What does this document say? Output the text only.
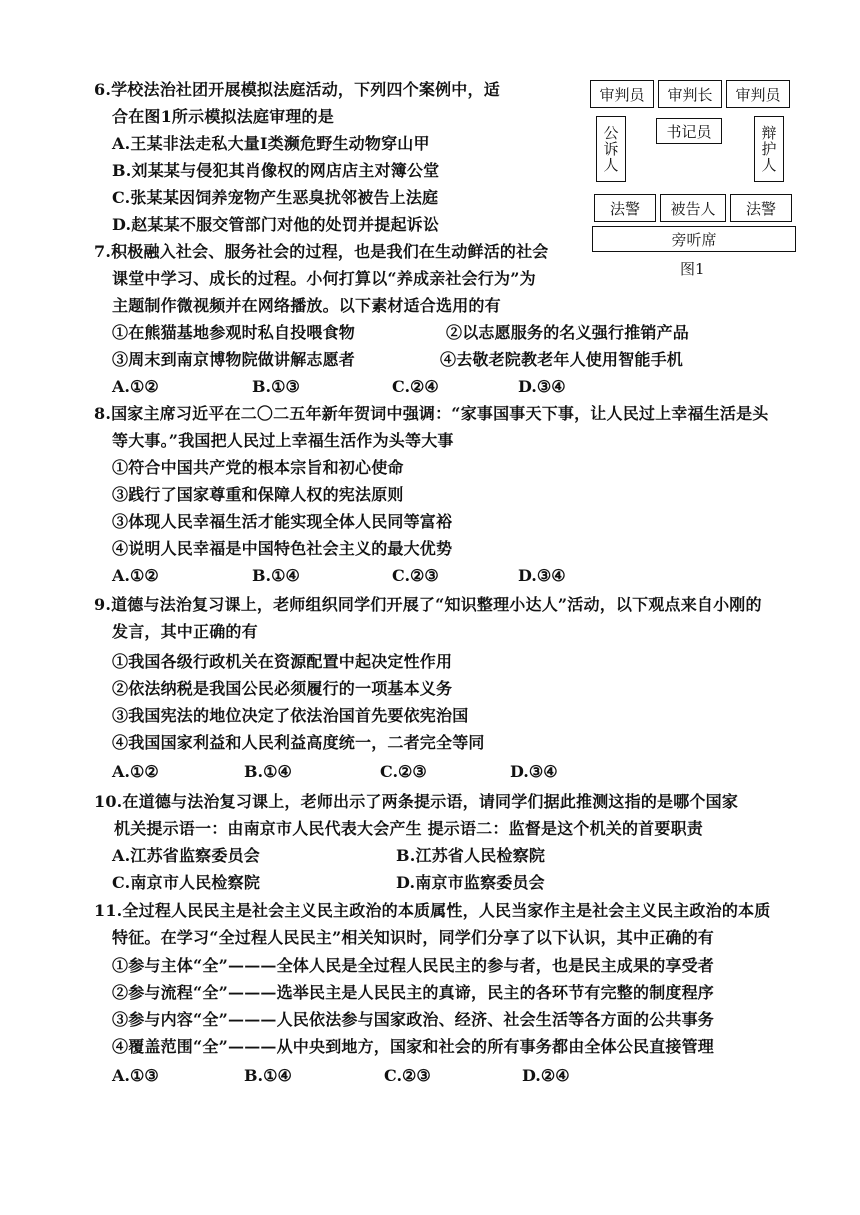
审判员	审判长	审判员
公诉人	书记员	辩护人
法警	被告人	法警
旁听席
图1
6.学校法治社团开展模拟法庭活动，下列四个案例中，适
合在图1所示模拟法庭审理的是
A.王某非法走私大量I类濒危野生动物穿山甲
B.刘某某与侵犯其肖像权的网店店主对簿公堂
C.张某某因饲养宠物产生恶臭扰邻被告上法庭
D.赵某某不服交管部门对他的处罚并提起诉讼
7.积极融入社会、服务社会的过程，也是我们在生动鲜活的社会
课堂中学习、成长的过程。小何打算以“养成亲社会行为”为
主题制作微视频并在网络播放。以下素材适合选用的有
①在熊猫基地参观时私自投喂食物	②以志愿服务的名义强行推销产品
③周末到南京博物院做讲解志愿者	④去敬老院教老年人使用智能手机
A.①②	B.①③	C.②④	D.③④
8.国家主席习近平在二〇二五年新年贺词中强调：“家事国事天下事，让人民过上幸福生活是头
等大事。”我国把人民过上幸福生活作为头等大事
①符合中国共产党的根本宗旨和初心使命
③践行了国家尊重和保障人权的宪法原则
③体现人民幸福生活才能实现全体人民同等富裕
④说明人民幸福是中国特色社会主义的最大优势
A.①②	B.①④	C.②③	D.③④
9.道德与法治复习课上，老师组织同学们开展了“知识整理小达人”活动，以下观点来自小刚的
发言，其中正确的有
①我国各级行政机关在资源配置中起决定性作用
②依法纳税是我国公民必须履行的一项基本义务
③我国宪法的地位决定了依法治国首先要依宪治国
④我国国家利益和人民利益高度统一，二者完全等同
A.①②	B.①④	C.②③	D.③④
10.在道德与法治复习课上，老师出示了两条提示语，请同学们据此推测这指的是哪个国家
机关提示语一：由南京市人民代表大会产生 提示语二：监督是这个机关的首要职责
A.江苏省监察委员会	B.江苏省人民检察院
C.南京市人民检察院	D.南京市监察委员会
11.全过程人民民主是社会主义民主政治的本质属性，人民当家作主是社会主义民主政治的本质
特征。在学习“全过程人民民主”相关知识时，同学们分享了以下认识，其中正确的有
①参与主体“全”———全体人民是全过程人民民主的参与者，也是民主成果的享受者
②参与流程“全”———选举民主是人民民主的真谛，民主的各环节有完整的制度程序
③参与内容“全”———人民依法参与国家政治、经济、社会生活等各方面的公共事务
④覆盖范围“全”———从中央到地方，国家和社会的所有事务都由全体公民直接管理
A.①③	B.①④	C.②③	D.②④
